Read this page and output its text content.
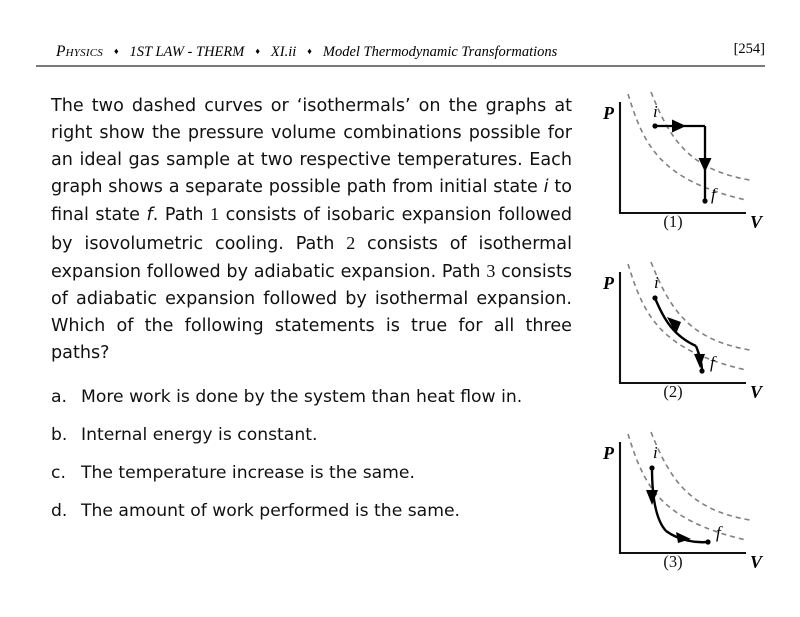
Physics ♦ 1ST LAW - THERM ♦ XI.ii ♦ Model Thermodynamic Transformations	[254]

The two dashed curves or ‘isothermals’ on the graphs at right show the pressure volume combinations possible for an ideal gas sample at two respective temperatures. Each graph shows a separate possible path from initial state i to final state f. Path 1 consists of isobaric expansion followed by isovolumetric cooling. Path 2 consists of isothermal expansion followed by adiabatic expansion. Path 3 consists of adiabatic expansion followed by isothermal expansion. Which of the following statements is true for all three paths?

a. More work is done by the system than heat flow in.
b. Internal energy is constant.
c. The temperature increase is the same.
d. The amount of work performed is the same.
P
V
i
f
(1)
P
V
i
f
(2)
P
V
i
f
(3)
